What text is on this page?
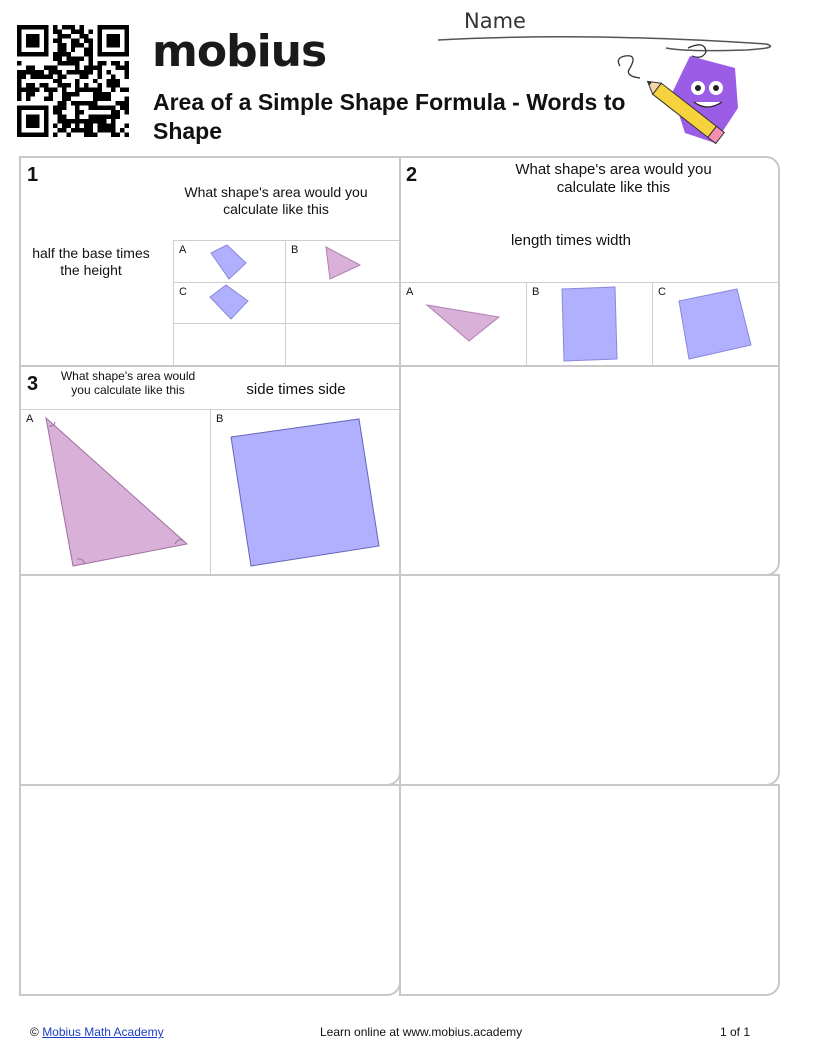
mobius
Area of a Simple Shape Formula - Words to Shape
Name
1
What shape's area would you calculate like this
half the base times the height
A	B
C
2	What shape's area would you calculate like this
length times width
A	B	C
3 What shape's area would you calculate like this	side times side
A	B
© Mobius Math Academy	Learn online at www.mobius.academy	1 of 1
